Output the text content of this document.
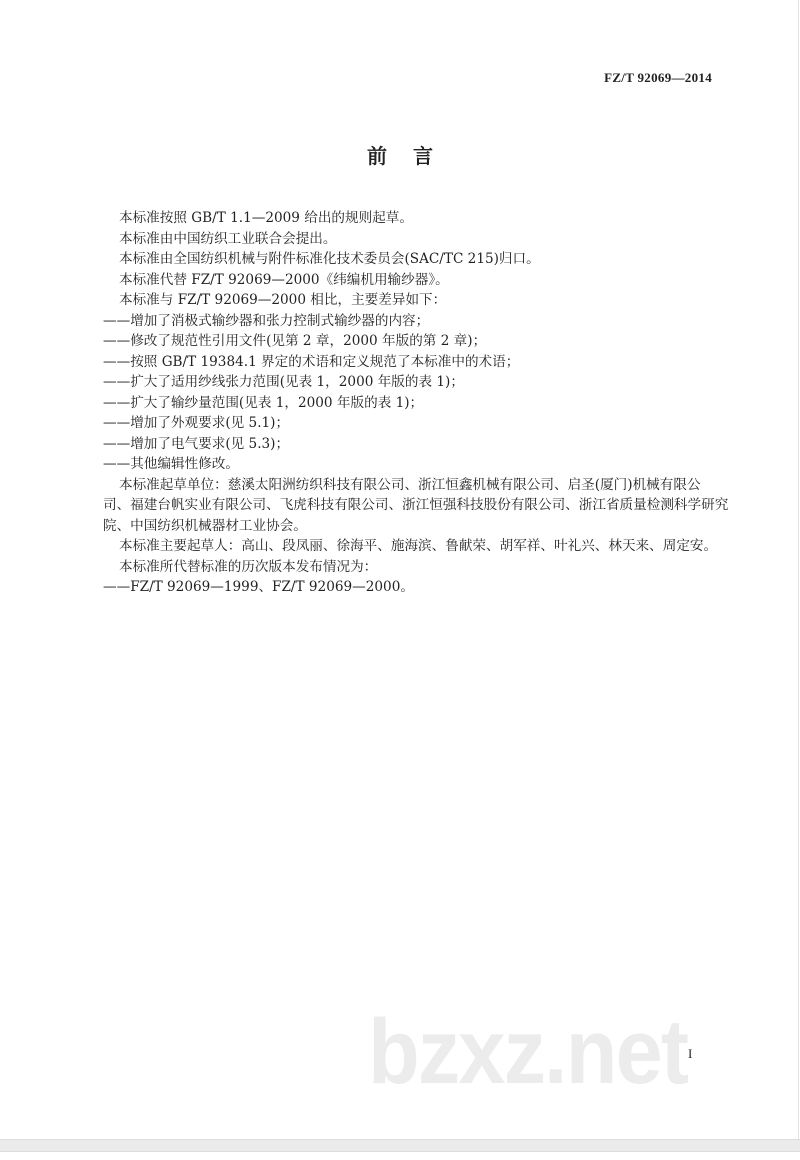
FZ/T 92069—2014
前言
本标准按照 GB/T 1.1—2009 给出的规则起草。
本标准由中国纺织工业联合会提出。
本标准由全国纺织机械与附件标准化技术委员会(SAC/TC 215)归口。
本标准代替 FZ/T 92069—2000《纬编机用输纱器》。
本标准与 FZ/T 92069—2000 相比，主要差异如下：
——增加了消极式输纱器和张力控制式输纱器的内容；
——修改了规范性引用文件(见第 2 章，2000 年版的第 2 章)；
——按照 GB/T 19384.1 界定的术语和定义规范了本标准中的术语；
——扩大了适用纱线张力范围(见表 1，2000 年版的表 1)；
——扩大了输纱量范围(见表 1，2000 年版的表 1)；
——增加了外观要求(见 5.1)；
——增加了电气要求(见 5.3)；
——其他编辑性修改。
本标准起草单位：慈溪太阳洲纺织科技有限公司、浙江恒鑫机械有限公司、启圣(厦门)机械有限公
司、福建台帆实业有限公司、飞虎科技有限公司、浙江恒强科技股份有限公司、浙江省质量检测科学研究
院、中国纺织机械器材工业协会。
本标准主要起草人：高山、段凤丽、徐海平、施海滨、鲁献荣、胡军祥、叶礼兴、林天来、周定安。
本标准所代替标准的历次版本发布情况为：
——FZ/T 92069—1999、FZ/T 92069—2000。
bzxz.net I
